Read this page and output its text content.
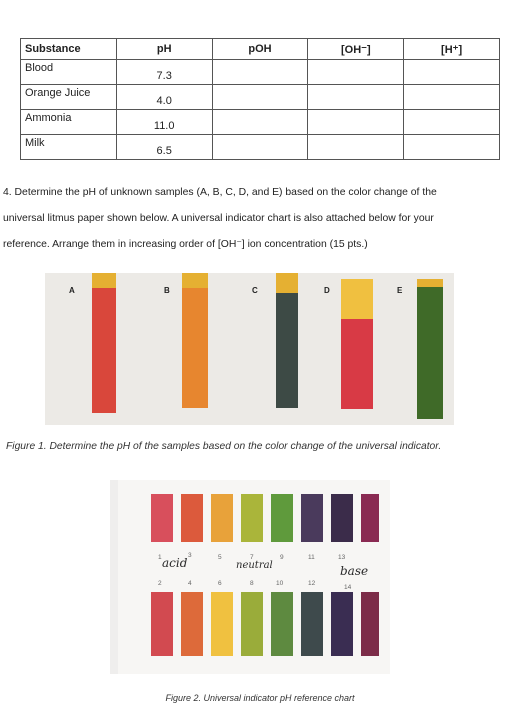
Substance	pH	pOH	[OH⁻]	[H⁺]
Blood	7.3			
Orange Juice	4.0			
Ammonia	11.0			
Milk	6.5			

4. Determine the pH of unknown samples (A, B, C, D, and E) based on the color change of the

universal litmus paper shown below. A universal indicator chart is also attached below for your

reference. Arrange them in increasing order of [OH⁻] ion concentration (15 pts.)

A	B	C	D	E
Figure 1. Determine the pH of the samples based on the color change of the universal indicator.
1	3	5	7	9	11	13
acid	neutral	base
2	4	6	8	10	12
14
Figure 2. Universal indicator pH reference chart
